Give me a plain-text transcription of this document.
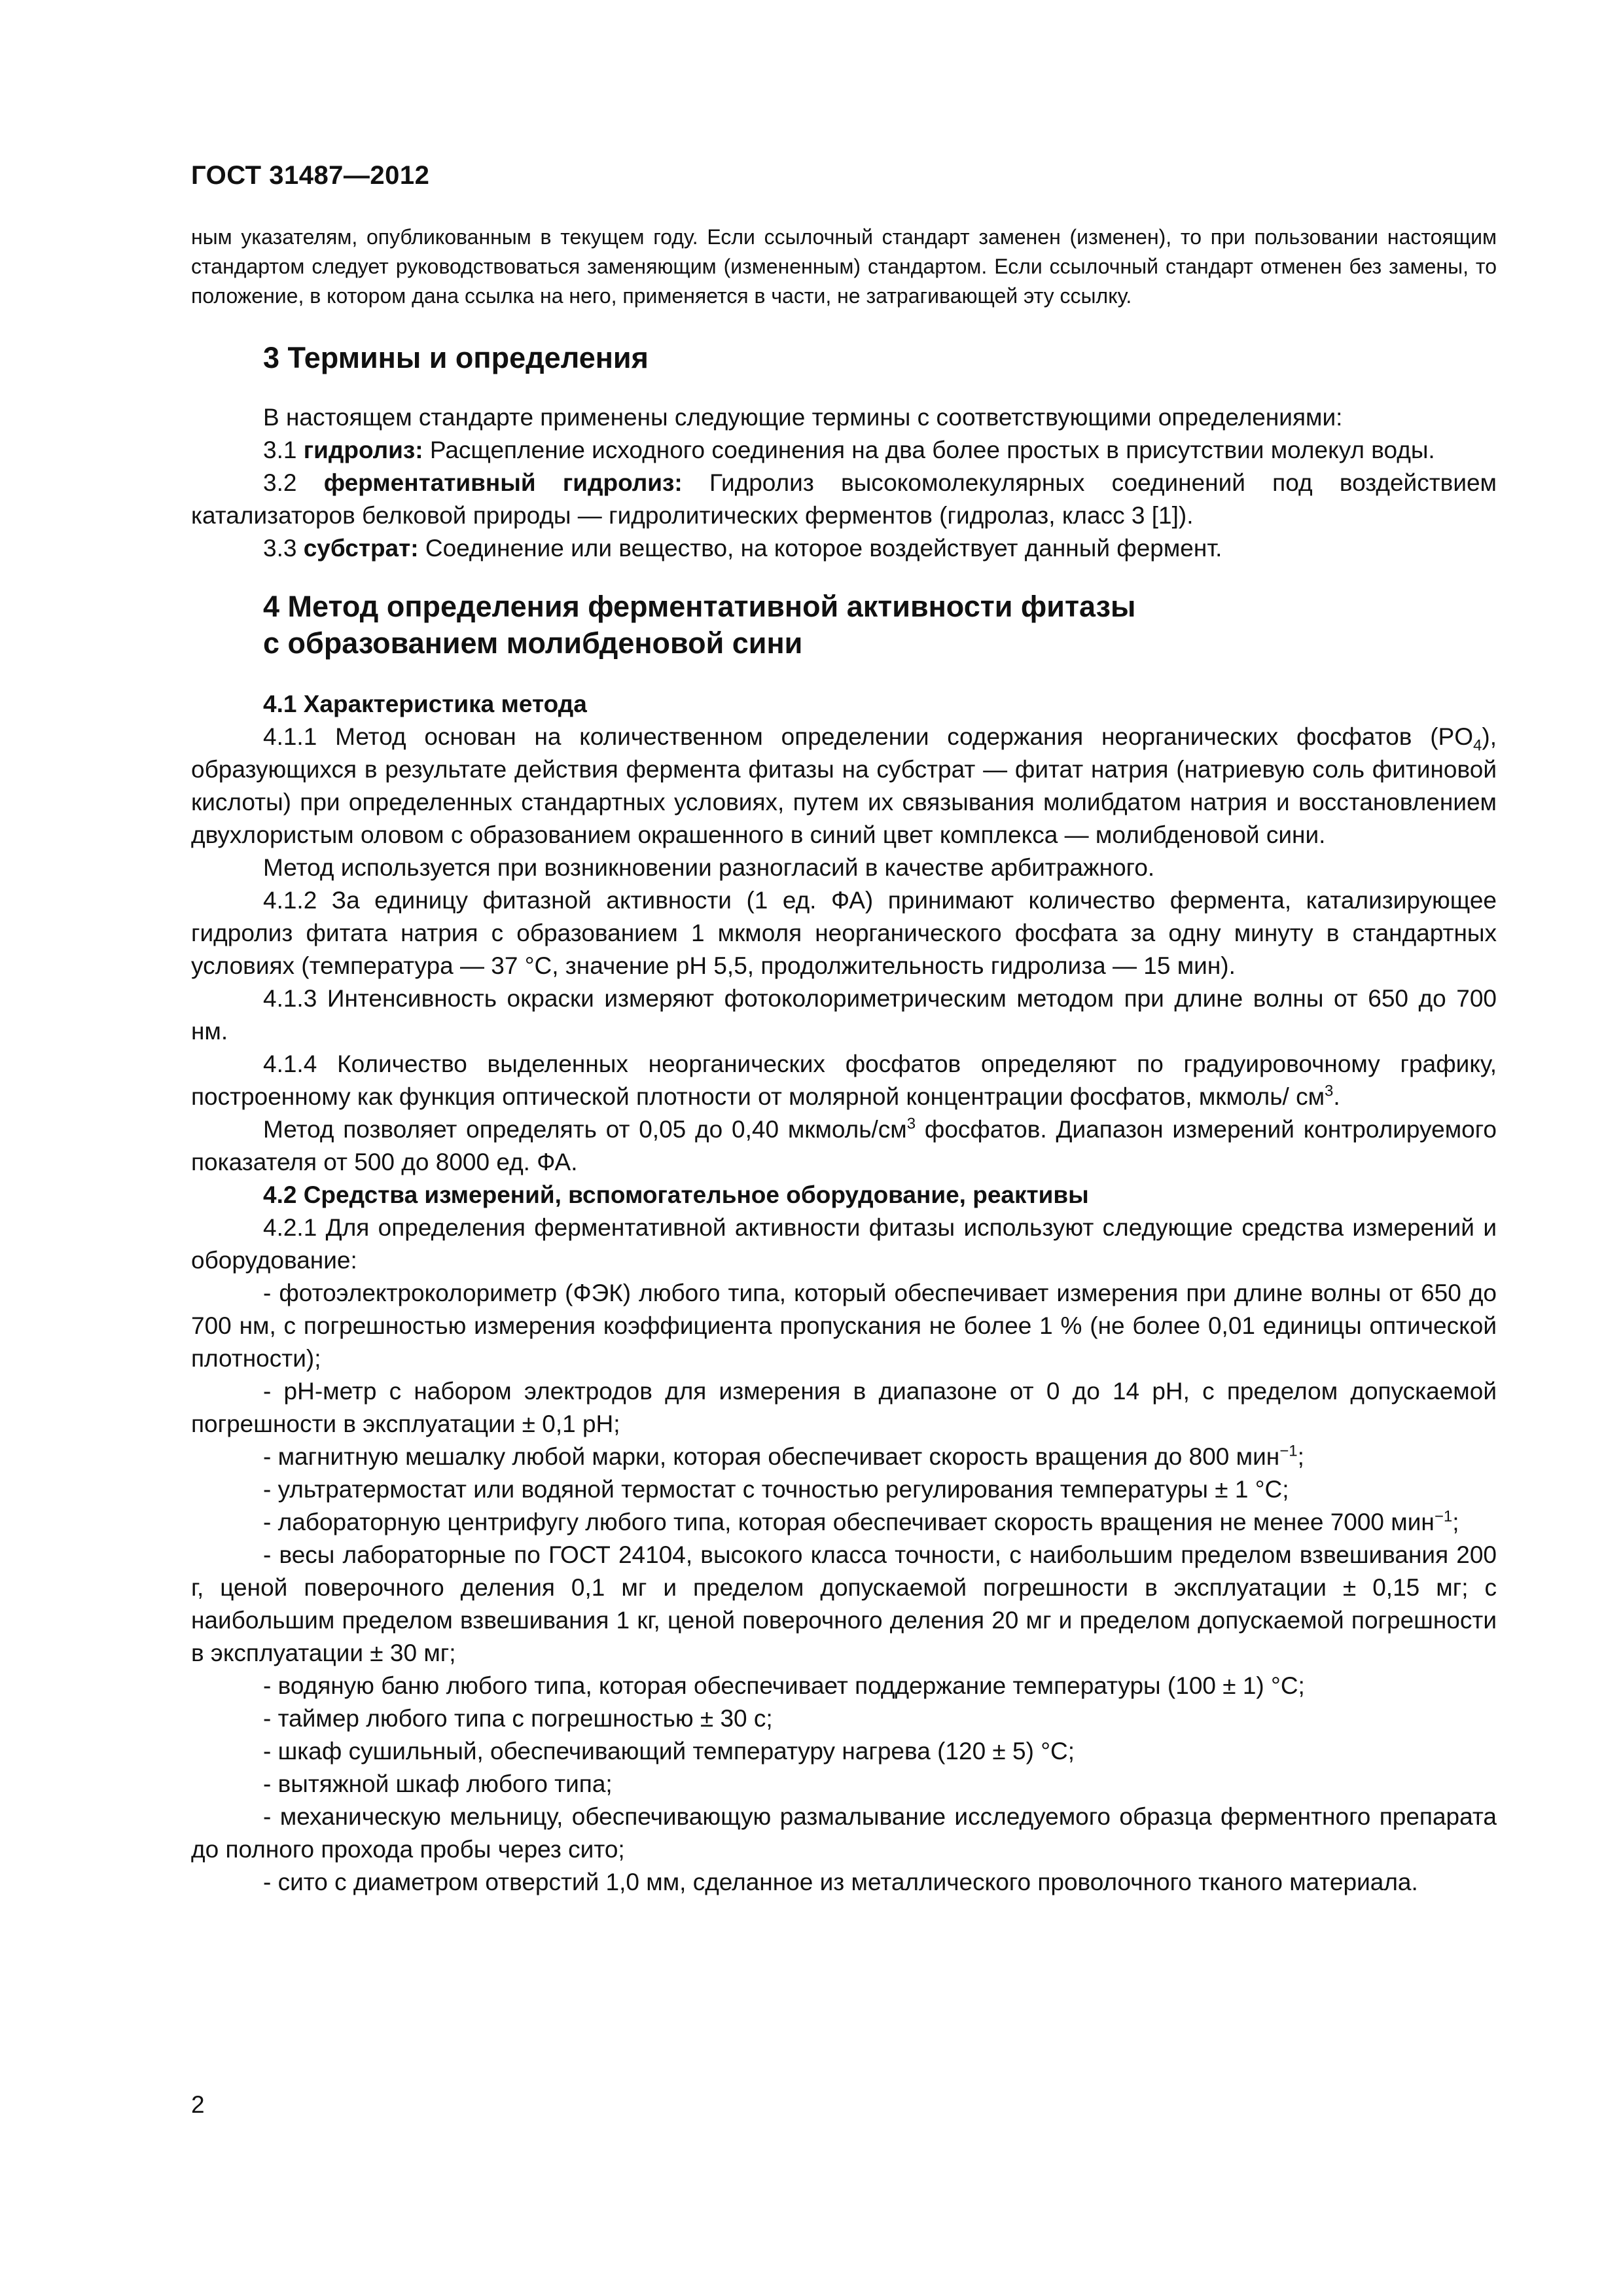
ГОСТ 31487—2012

ным указателям, опубликованным в текущем году. Если ссылочный стандарт заменен (изменен), то при пользовании настоящим стандартом следует руководствоваться заменяющим (измененным) стандартом. Если ссылочный стандарт отменен без замены, то положение, в котором дана ссылка на него, применяется в части, не затрагивающей эту ссылку.

3 Термины и определения

В настоящем стандарте применены следующие термины с соответствующими определениями:

3.1 гидролиз: Расщепление исходного соединения на два более простых в присутствии молекул воды.

3.2 ферментативный гидролиз: Гидролиз высокомолекулярных соединений под воздействием катализаторов белковой природы — гидролитических ферментов (гидролаз, класс 3 [1]).

3.3 субстрат: Соединение или вещество, на которое воздействует данный фермент.

4 Метод определения ферментативной активности фитазы
с образованием молибденовой сини

4.1 Характеристика метода

4.1.1 Метод основан на количественном определении содержания неорганических фосфатов $(PO_4)$, образующихся в результате действия фермента фитазы на субстрат — фитат натрия (натриевую соль фитиновой кислоты) при определенных стандартных условиях, путем их связывания молибдатом натрия и восстановлением двухлористым оловом с образованием окрашенного в синий цвет комплекса — молибденовой сини.

Метод используется при возникновении разногласий в качестве арбитражного.

4.1.2 За единицу фитазной активности (1 ед. ФА) принимают количество фермента, катализирующее гидролиз фитата натрия с образованием 1 мкмоля неорганического фосфата за одну минуту в стандартных условиях (температура — 37 °С, значение рН 5,5, продолжительность гидролиза — 15 мин).

4.1.3 Интенсивность окраски измеряют фотоколориметрическим методом при длине волны от 650 до 700 нм.

4.1.4 Количество выделенных неорганических фосфатов определяют по градуировочному графику, построенному как функция оптической плотности от молярной концентрации фосфатов, мкмоль/ $см^3$.

Метод позволяет определять от 0,05 до 0,40 мкмоль/$см^3$ фосфатов. Диапазон измерений контролируемого показателя от 500 до 8000 ед. ФА.

4.2 Средства измерений, вспомогательное оборудование, реактивы

4.2.1 Для определения ферментативной активности фитазы используют следующие средства измерений и оборудование:

- фотоэлектроколориметр (ФЭК) любого типа, который обеспечивает измерения при длине волны от 650 до 700 нм, с погрешностью измерения коэффициента пропускания не более 1 % (не более 0,01 единицы оптической плотности);

- рН-метр с набором электродов для измерения в диапазоне от 0 до 14 рН, с пределом допускаемой погрешности в эксплуатации ± 0,1 рН;

- магнитную мешалку любой марки, которая обеспечивает скорость вращения до 800 мин$^{-1}$;

- ультратермостат или водяной термостат с точностью регулирования температуры ± 1 °С;

- лабораторную центрифугу любого типа, которая обеспечивает скорость вращения не менее 7000 мин$^{-1}$;

- весы лабораторные по ГОСТ 24104, высокого класса точности, с наибольшим пределом взвешивания 200 г, ценой поверочного деления 0,1 мг и пределом допускаемой погрешности в эксплуатации ± 0,15 мг; с наибольшим пределом взвешивания 1 кг, ценой поверочного деления 20 мг и пределом допускаемой погрешности в эксплуатации ± 30 мг;

- водяную баню любого типа, которая обеспечивает поддержание температуры (100 ± 1) °С;

- таймер любого типа с погрешностью ± 30 с;

- шкаф сушильный, обеспечивающий температуру нагрева (120 ± 5) °С;

- вытяжной шкаф любого типа;

- механическую мельницу, обеспечивающую размалывание исследуемого образца ферментного препарата до полного прохода пробы через сито;

- сито с диаметром отверстий 1,0 мм, сделанное из металлического проволочного тканого материала.

2
